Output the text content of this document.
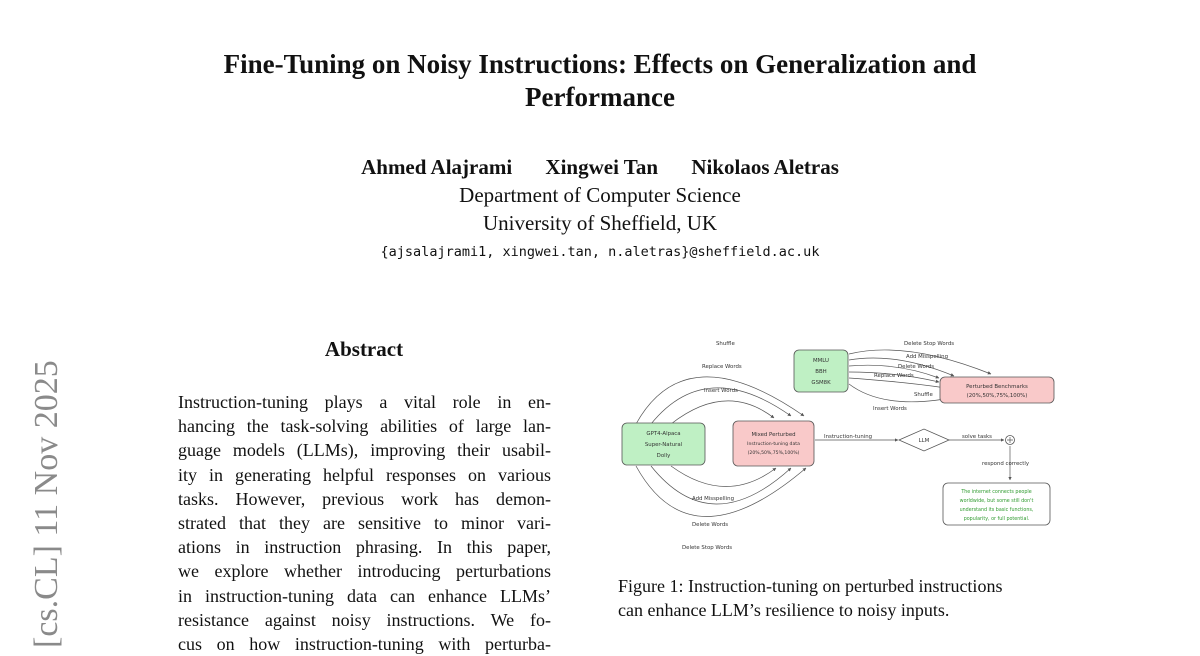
Fine-Tuning on Noisy Instructions: Effects on Generalization and
Performance
Ahmed Alajrami Xingwei Tan Nikolaos Aletras
Department of Computer Science
University of Sheffield, UK
{ajsalajrami1, xingwei.tan, n.aletras}@sheffield.ac.uk
[cs.CL] 11 Nov 2025
Abstract
Instruction-tuning plays a vital role in en-
hancing the task-solving abilities of large lan-
guage models (LLMs), improving their usabil-
ity in generating helpful responses on various
tasks. However, previous work has demon-
strated that they are sensitive to minor vari-
ations in instruction phrasing. In this paper,
we explore whether introducing perturbations
in instruction-tuning data can enhance LLMs’
resistance against noisy instructions. We fo-
cus on how instruction-tuning with perturba-
Shuffle
Replace Words
Insert Words
Add Misspelling
Delete Words
Delete Stop Words
Instruction-tuning	solve tasks
respond correctly
Delete Stop Words
Add Misspelling
Delete Words
Replace Words
Shuffle
Insert Words
GPT4-Alpaca
Super-Natural
Dolly
Mixed Perturbed
Instruction-tuning data
(20%,50%,75%,100%)
MMLU
BBH
GSM8K
Perturbed Benchmarks
(20%,50%,75%,100%)
LLM
The internet connects people
worldwide, but some still don't
understand its basic functions,
popularity, or full potential.
Figure 1: Instruction-tuning on perturbed instructions
can enhance LLM’s resilience to noisy inputs.
